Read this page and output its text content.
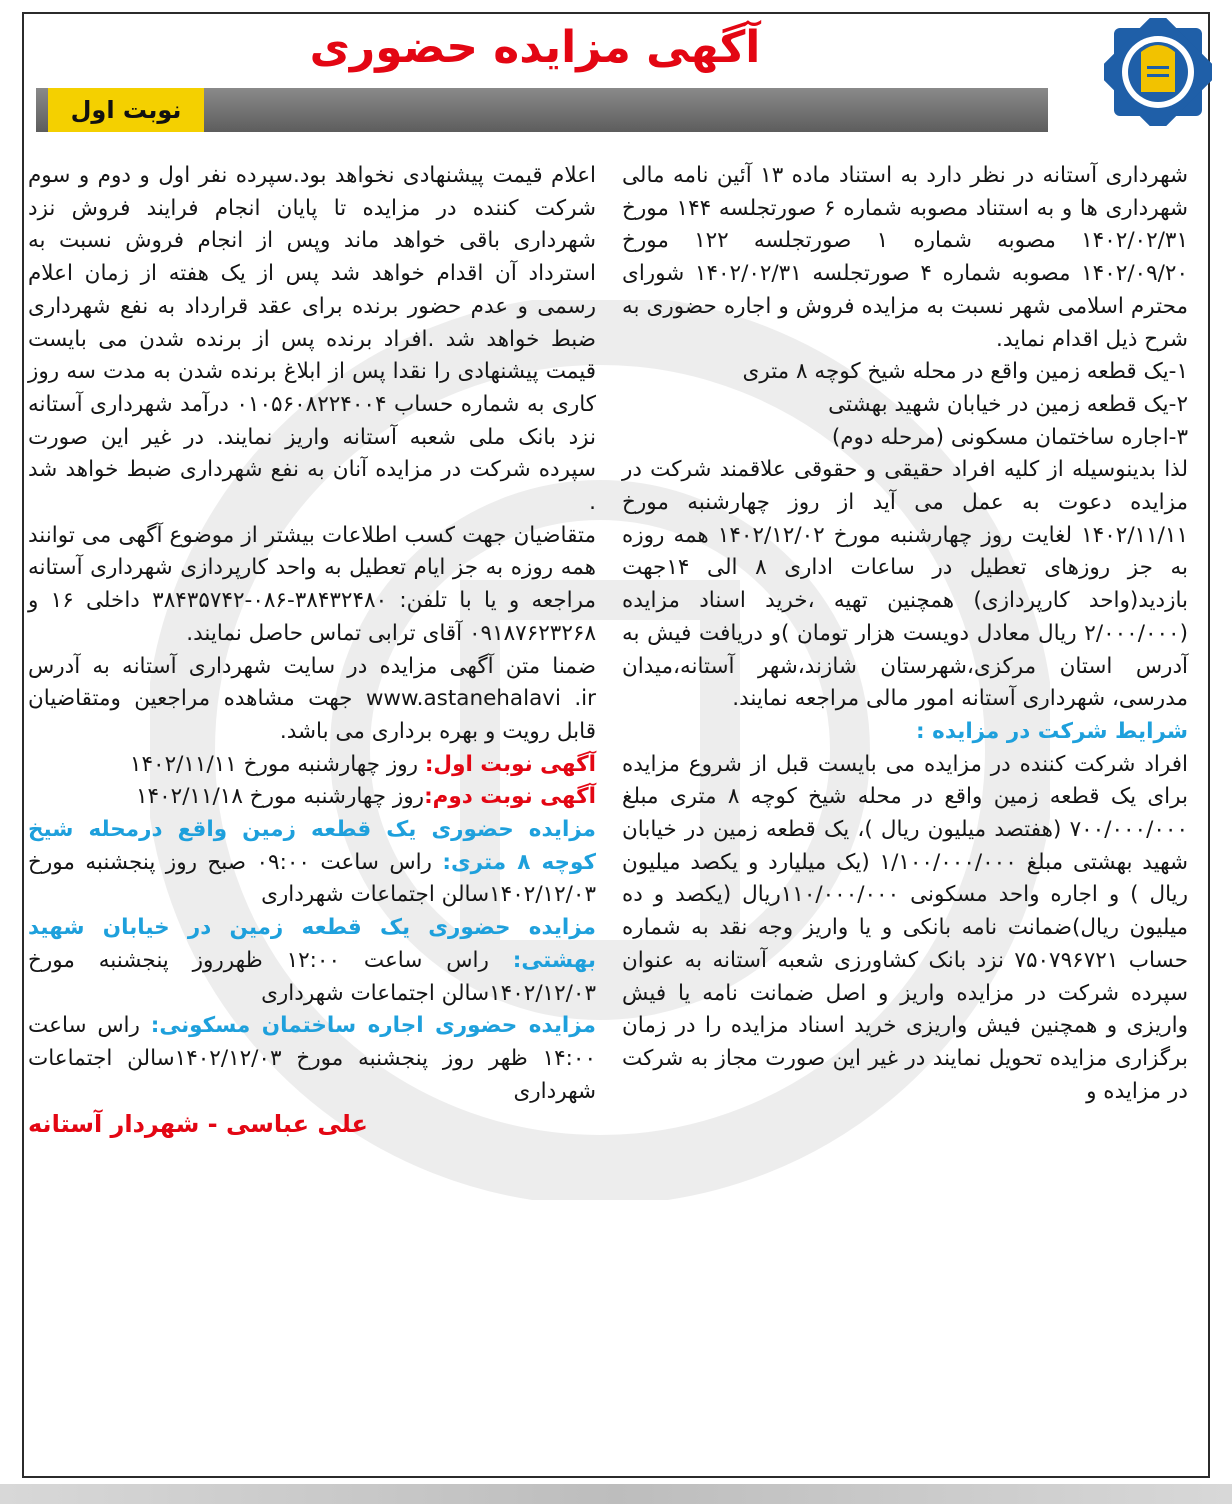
آگهی مزایده حضوری
نوبت اول

شهرداری آستانه در نظر دارد به استناد ماده ۱۳ آئین نامه مالی شهرداری ها و به استناد مصوبه شماره ۶ صورتجلسه ۱۴۴ مورخ ۱۴۰۲/۰۲/۳۱ مصوبه شماره ۱ صورتجلسه ۱۲۲ مورخ ۱۴۰۲/۰۹/۲۰ مصوبه شماره ۴ صورتجلسه ۱۴۰۲/۰۲/۳۱ شورای محترم اسلامی شهر نسبت به مزایده فروش و اجاره حضوری به شرح ذیل اقدام نماید.

۱-یک قطعه زمین واقع در محله شیخ کوچه ۸ متری

۲-یک قطعه زمین در خیابان شهید بهشتی

۳-اجاره ساختمان مسکونی (مرحله دوم)

لذا بدینوسیله از کلیه افراد حقیقی و حقوقی علاقمند شرکت در مزایده دعوت به عمل می آید از روز چهارشنبه مورخ ۱۴۰۲/۱۱/۱۱ لغایت روز چهارشنبه مورخ ۱۴۰۲/۱۲/۰۲ همه روزه به جز روزهای تعطیل در ساعات اداری ۸ الی ۱۴جهت بازدید(واحد کارپردازی) همچنین تهیه ،خرید اسناد مزایده (۲/۰۰۰/۰۰۰ ریال معادل دویست هزار تومان )و دریافت فیش به آدرس استان مرکزی،شهرستان شازند،شهر آستانه،میدان مدرسی، شهرداری آستانه امور مالی مراجعه نمایند.

شرایط شرکت در مزایده :

افراد شرکت کننده در مزایده می بایست قبل از شروع مزایده برای یک قطعه زمین واقع در محله شیخ کوچه ۸ متری مبلغ ۷۰۰/۰۰۰/۰۰۰ (هفتصد میلیون ریال )، یک قطعه زمین در خیابان شهید بهشتی مبلغ ۱/۱۰۰/۰۰۰/۰۰۰ (یک میلیارد و یکصد میلیون ریال ) و اجاره واحد مسکونی ۱۱۰/۰۰۰/۰۰۰ریال (یکصد و ده میلیون ریال)ضمانت نامه بانکی و یا واریز وجه نقد به شماره حساب ۷۵۰۷۹۶۷۲۱ نزد بانک کشاورزی شعبه آستانه به عنوان سپرده شرکت در مزایده واریز و اصل ضمانت نامه یا فیش واریزی و همچنین فیش واریزی خرید اسناد مزایده را در زمان برگزاری مزایده تحویل نمایند در غیر این صورت مجاز به شرکت در مزایده و

اعلام قیمت پیشنهادی نخواهد بود.سپرده نفر اول و دوم و سوم شرکت کننده در مزایده تا پایان انجام فرایند فروش نزد شهرداری باقی خواهد ماند وپس از انجام فروش نسبت به استرداد آن اقدام خواهد شد پس از یک هفته از زمان اعلام رسمی و عدم حضور برنده برای عقد قرارداد به نفع شهرداری ضبط خواهد شد .افراد برنده پس از برنده شدن می بایست قیمت پیشنهادی را نقدا پس از ابلاغ برنده شدن به مدت سه روز کاری به شماره حساب ۰۱۰۵۶۰۸۲۲۴۰۰۴ درآمد شهرداری آستانه نزد بانک ملی شعبه آستانه واریز نمایند. در غیر این صورت سپرده شرکت در مزایده آنان به نفع شهرداری ضبط خواهد شد .

متقاضیان جهت کسب اطلاعات بیشتر از موضوع آگهی می توانند همه روزه به جز ایام تعطیل به واحد کارپردازی شهرداری آستانه مراجعه و یا با تلفن: ۳۸۴۳۲۴۸۰-۰۸۶-۳۸۴۳۵۷۴۲ داخلی ۱۶ و ۰۹۱۸۷۶۲۳۲۶۸ آقای ترابی تماس حاصل نمایند.

ضمنا متن آگهی مزایده در سایت شهرداری آستانه به آدرس www.astanehalavi .ir جهت مشاهده مراجعین ومتقاضیان قابل رویت و بهره برداری می باشد.

آگهی نوبت اول: روز چهارشنبه مورخ ۱۴۰۲/۱۱/۱۱

آگهی نوبت دوم:روز چهارشنبه مورخ ۱۴۰۲/۱۱/۱۸

مزایده حضوری یک قطعه زمین واقع درمحله شیخ کوچه ۸ متری: راس ساعت ۰۹:۰۰ صبح روز پنجشنبه مورخ ۱۴۰۲/۱۲/۰۳سالن اجتماعات شهرداری

مزایده حضوری یک قطعه زمین در خیابان شهید بهشتی: راس ساعت ۱۲:۰۰ ظهرروز پنجشنبه مورخ ۱۴۰۲/۱۲/۰۳سالن اجتماعات شهرداری

مزایده حضوری اجاره ساختمان مسکونی: راس ساعت ۱۴:۰۰ ظهر روز پنجشنبه مورخ ۱۴۰۲/۱۲/۰۳سالن اجتماعات شهرداری

علی عباسی - شهردار آستانه
